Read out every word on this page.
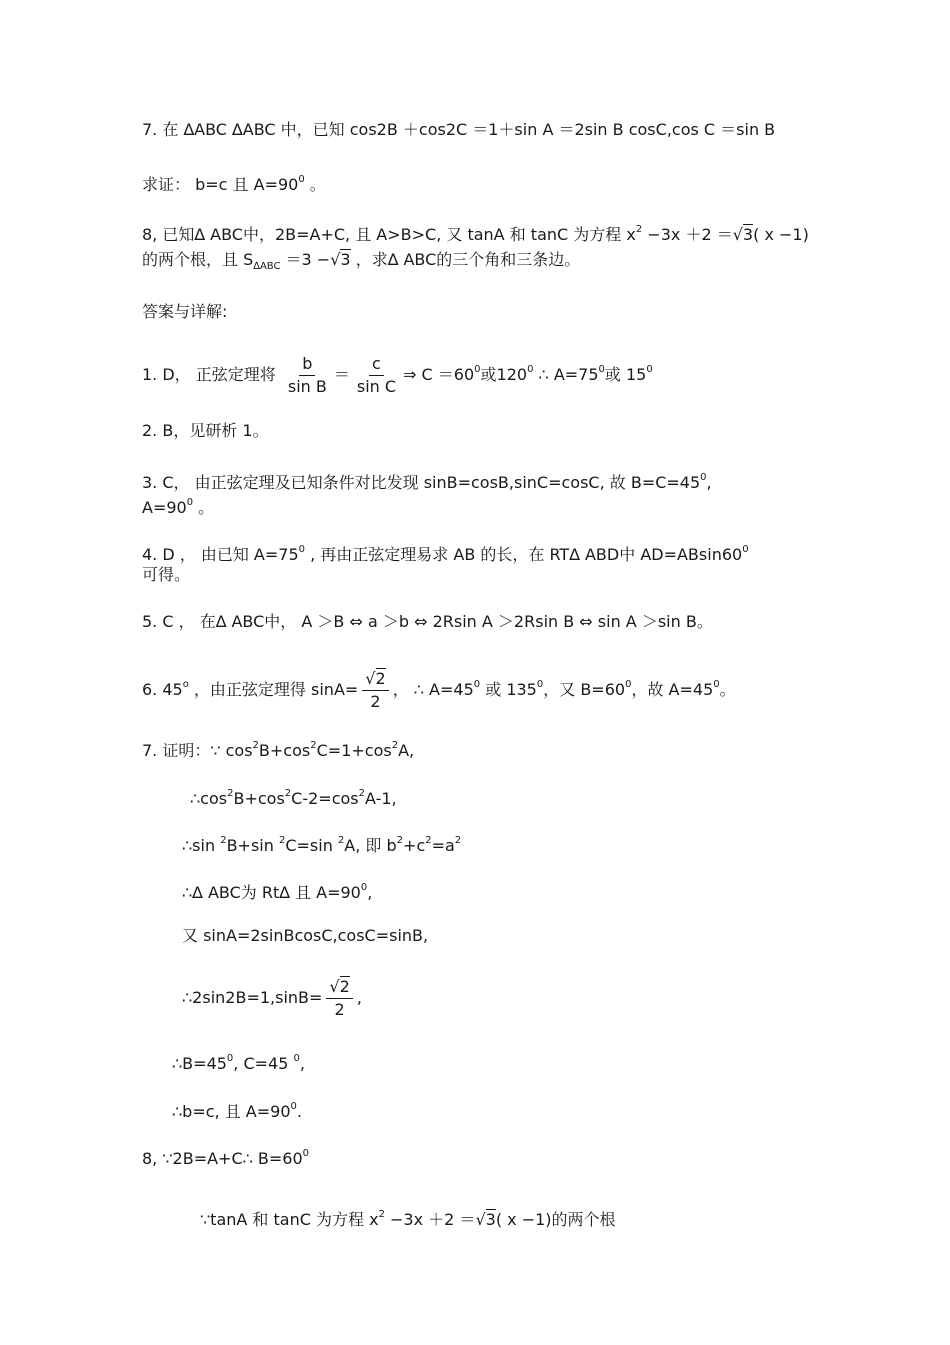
7. 在 ∆ABC ∆ABC 中，已知 cos2B ＋cos2C ＝1＋sin A ＝2sin B cosC,cos C ＝sin B
求证： b=c 且 $A=90^0$ 。
8, 已知∆ ABC中，2B=A+C, 且 A>B>C, 又 tanA 和 tanC 为方程 $x^2 -3x +2 =√3$( x −1)
的两个根，且 $S_{\Delta ABC} =3 -√3$ ，求∆ ABC的三个角和三条边。
答案与详解:
1. D， 正弦定理将 $\frac{b}{\text{sin B}} = \frac{c}{\text{sin C}}$ ⇒ $C =60^0$或$120^0$ ∴ $A=75^0$或 $15^0$
2. B，见研析 1。
3. C， 由正弦定理及已知条件对比发现 sinB=cosB,sinC=cosC, 故 $B=C=45^0$,
$A=90^0$ 。
4. D ， 由已知 $A=75^0$ , 再由正弦定理易求 AB 的长，在 RT∆ ABD中 $AD=ABsin60^0$
可得。
5. C ， 在∆ ABC中， A ＞B ⇔ a ＞b ⇔ 2Rsin A ＞2Rsin B ⇔ sin A ＞sin B。
6. 45$^o$ ，由正弦定理得 $\sin A= \frac{√2}{2}$ ， ∴ $A=45^0$ 或 $135^0$，又 $B=60^0$，故 $A=45^0$。
7. 证明：∵ $\cos^2B+\cos^2C=1+\cos^2A$,
$\therefore\cos^2B+\cos^2C-2=\cos^2A-1$,
∴sin $^2$B+sin $^2$C=sin $^2$A, 即 $b^2+c^2=a^2$
∴∆ ABC为 Rt∆ 且 $A=90^0$,
又 sinA=2sinBcosC,cosC=sinB,
∴2sin2B=1,sinB= $\frac{√2}{2}$ ,
$\therefore B=45^0$, C=45 $^0$,
∴b=c, 且 $A=90^0$.
8, ∵2B=A+C∴ $B=60^0$
∵tanA 和 tanC 为方程 $x^2 -3x +2 =√3$( x −1)的两个根
